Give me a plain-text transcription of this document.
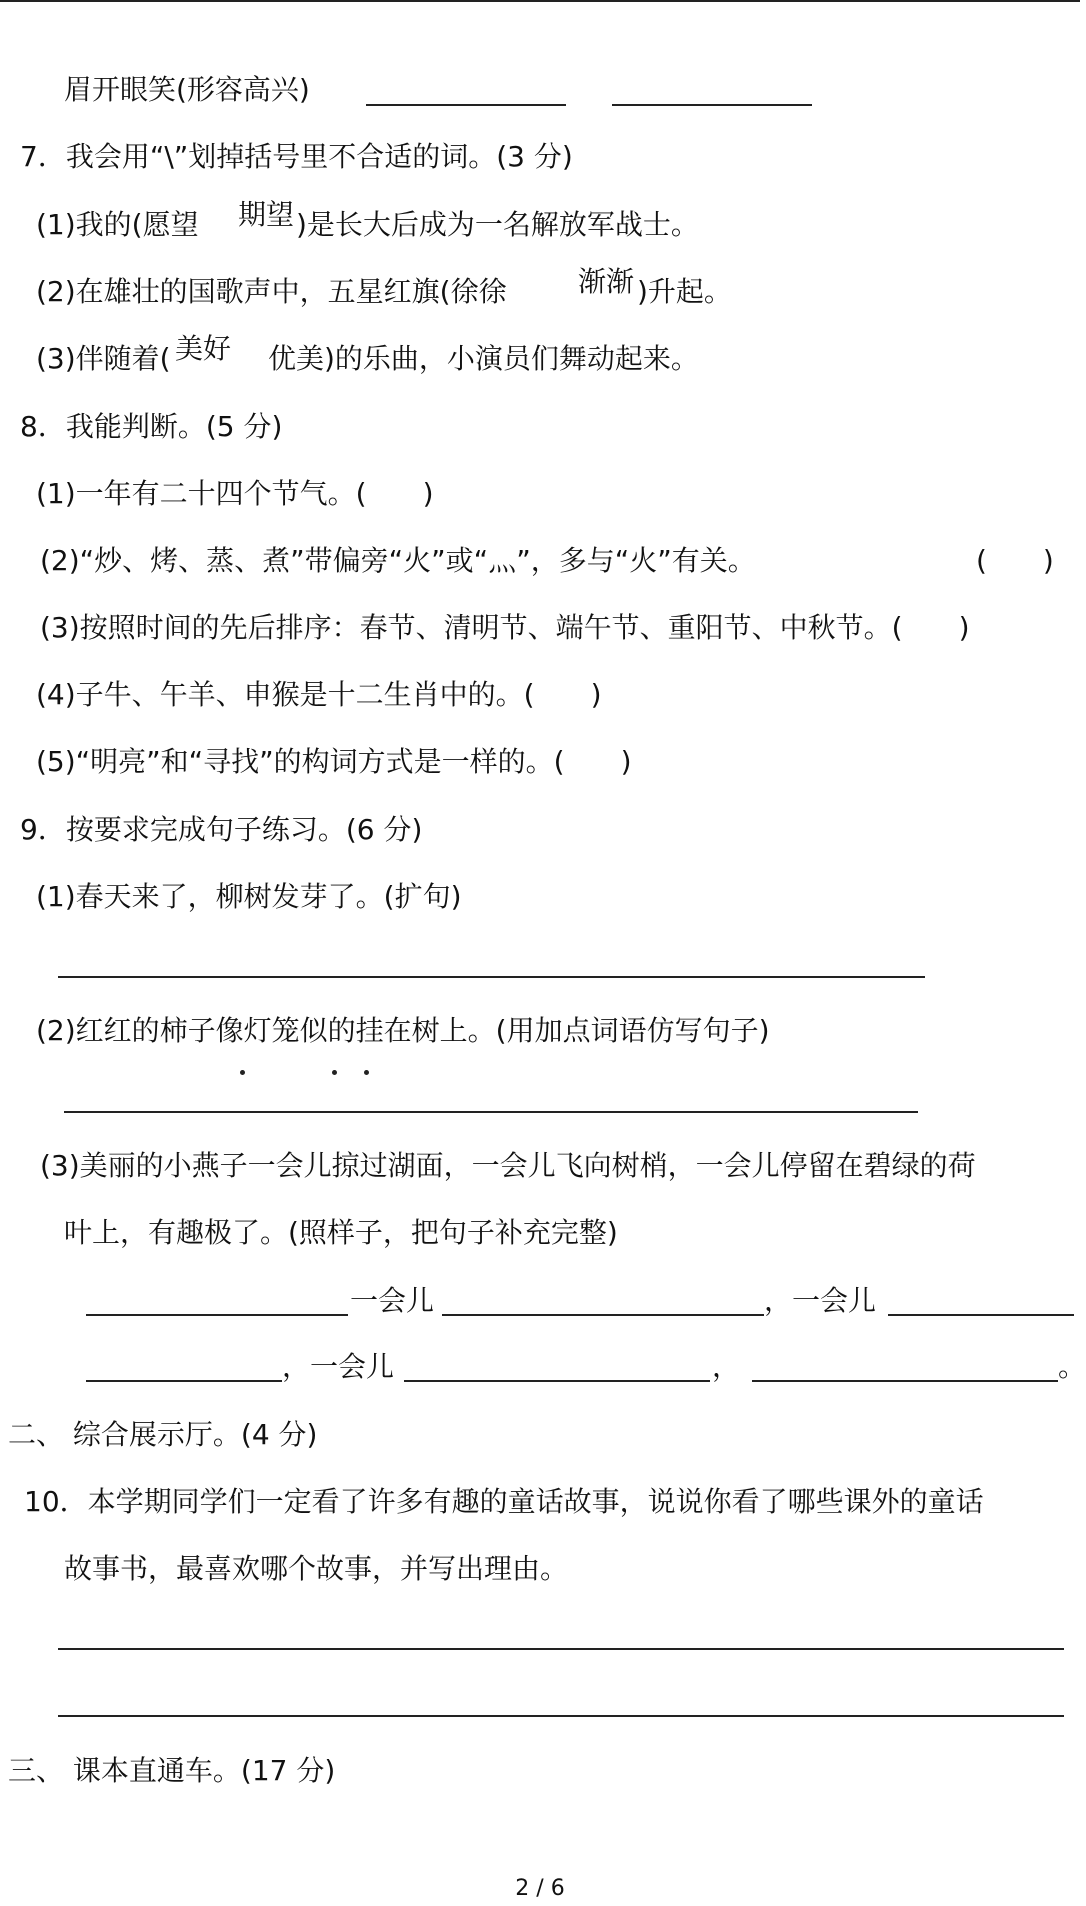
眉开眼笑(形容高兴)
7．我会用“\”划掉括号里不合适的词。(3 分)
(1)我的(愿望 期望 )是长大后成为一名解放军战士。
(2)在雄壮的国歌声中，五星红旗(徐徐	渐渐 )升起。
(3)伴随着( 美好 优美)的乐曲，小演员们舞动起来。
8．我能判断。(5 分)
(1)一年有二十四个节气。(　　)
(2)“炒、烤、蒸、煮”带偏旁“火”或“灬”，多与“火”有关。	(　　)
(3)按照时间的先后排序：春节、清明节、端午节、重阳节、中秋节。(　　)
(4)子牛、午羊、申猴是十二生肖中的。(　　)
(5)“明亮”和“寻找”的构词方式是一样的。(　　)
9．按要求完成句子练习。(6 分)
(1)春天来了，柳树发芽了。(扩句)
(2)红红的柿子像灯笼似的挂在树上。(用加点词语仿写句子)
(3)美丽的小燕子一会儿掠过湖面，一会儿飞向树梢，一会儿停留在碧绿的荷
叶上，有趣极了。(照样子，把句子补充完整)
一会儿	，一会儿
，一会儿	，	。
二、 综合展示厅。(4 分)
10．本学期同学们一定看了许多有趣的童话故事，说说你看了哪些课外的童话
故事书，最喜欢哪个故事，并写出理由。
三、 课本直通车。(17 分)
2 / 6
